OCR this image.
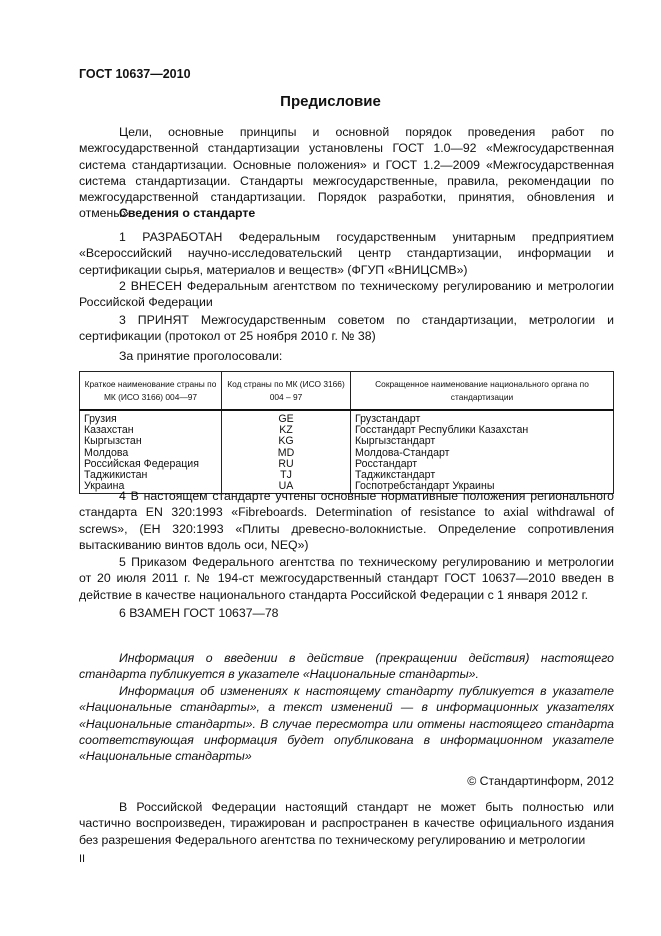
ГОСТ 10637—2010
Предисловие

Цели, основные принципы и основной порядок проведения работ по межгосударственной стандартизации установлены ГОСТ 1.0—92 «Межгосударственная система стандартизации. Основные положения» и ГОСТ 1.2—2009 «Межгосударственная система стандартизации. Стандарты межгосударственные, правила, рекомендации по межгосударственной стандартизации. Порядок разработки, принятия, обновления и отмены»

Сведения о стандарте

1 РАЗРАБОТАН Федеральным государственным унитарным предприятием «Всероссийский научно-исследовательский центр стандартизации, информации и сертификации сырья, материалов и веществ» (ФГУП «ВНИЦСМВ»)

2 ВНЕСЕН Федеральным агентством по техническому регулированию и метрологии Российской Федерации

3 ПРИНЯТ Межгосударственным советом по стандартизации, метрологии и сертификации (протокол от 25 ноября 2010 г. № 38)

За принятие проголосовали:
Краткое наименование страны по МК (ИСО 3166) 004—97	Код страны по МК (ИСО 3166) 004 – 97	Сокращенное наименование национального органа по стандартизации
Грузия	GE	Грузстандарт
Казахстан	KZ	Госстандарт Республики Казахстан
Кыргызстан	KG	Кыргызстандарт
Молдова	MD	Молдова-Стандарт
Российская Федерация	RU	Росстандарт
Таджикистан	TJ	Таджикстандарт
Украина	UA	Госпотребстандарт Украины

4 В настоящем стандарте учтены основные нормативные положения регионального стандарта EN 320:1993 «Fibreboards. Determination of resistance to axial withdrawal of screws», (ЕН 320:1993 «Плиты древесно-волокнистые. Определение сопротивления вытаскиванию винтов вдоль оси, NEQ»)

5 Приказом Федерального агентства по техническому регулированию и метрологии от 20 июля 2011 г. № 194-ст межгосударственный стандарт ГОСТ 10637—2010 введен в действие в качестве национального стандарта Российской Федерации с 1 января 2012 г.

6 ВЗАМЕН ГОСТ 10637—78

Информация о введении в действие (прекращении действия) настоящего стандарта публикуется в указателе «Национальные стандарты».

Информация об изменениях к настоящему стандарту публикуется в указателе «Национальные стандарты», а текст изменений — в информационных указателях «Национальные стандарты». В случае пересмотра или отмены настоящего стандарта соответствующая информация будет опубликована в информационном указателе «Национальные стандарты»

© Стандартинформ, 2012

В Российской Федерации настоящий стандарт не может быть полностью или частично воспроизведен, тиражирован и распространен в качестве официального издания без разрешения Федерального агентства по техническому регулированию и метрологии

II
